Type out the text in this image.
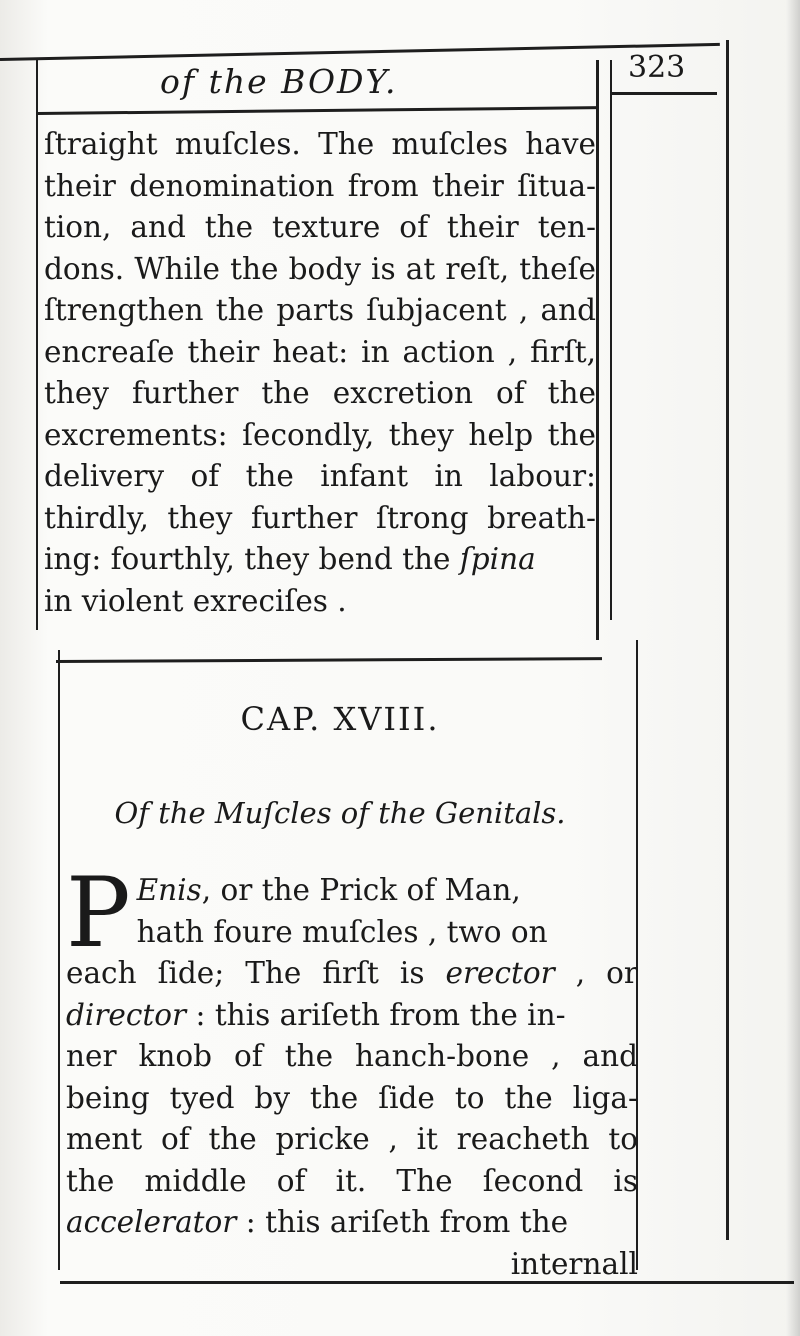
of the BODY.	323
ſtraight muſcles. The muſcles have
their denomination from their ſitua-
tion, and the texture of their ten-
dons. While the body is at reſt, theſe
ſtrengthen the parts ſubjacent , and
encreaſe their heat: in action , firſt,
they further the excretion of the
excrements: ſecondly, they help the
delivery of the infant in labour:
thirdly, they further ſtrong breath-
ing: fourthly, they bend the ſpina
in violent exreciſes .
CAP. XVIII.
Of the Muſcles of the Genitals.
P Enis, or the Prick of Man,
hath foure muſcles , two on
each ſide; The firſt is erector , or
director : this ariſeth from the in-
ner knob of the hanch-bone , and
being tyed by the ſide to the liga-
ment of the pricke , it reacheth to
the middle of it. The ſecond is
accelerator : this ariſeth from the
internall
